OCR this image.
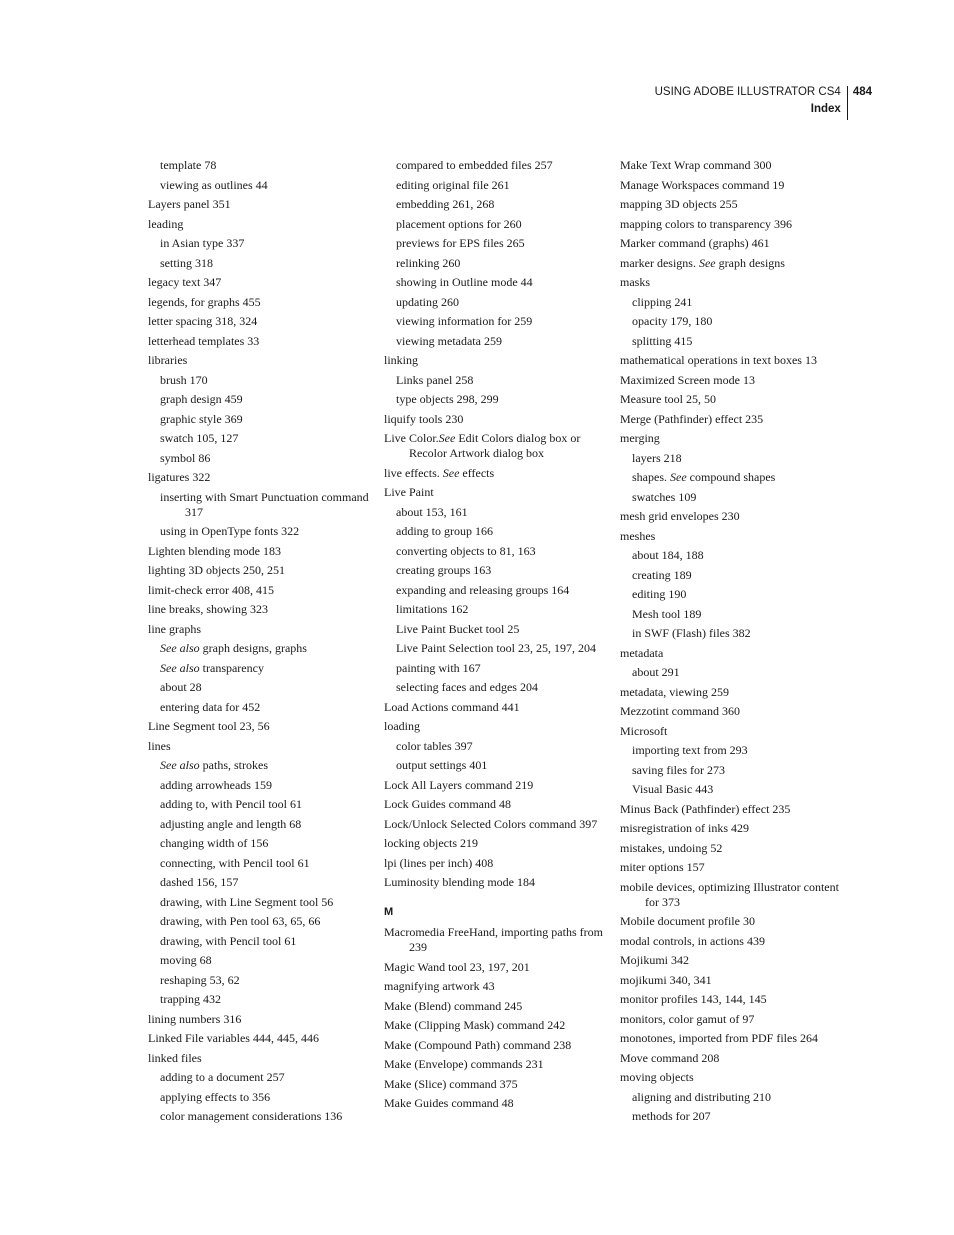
USING ADOBE ILLUSTRATOR CS4
Index
484
template 78
viewing as outlines 44
Layers panel 351
leading
in Asian type 337
setting 318
legacy text 347
legends, for graphs 455
letter spacing 318, 324
letterhead templates 33
libraries
brush 170
graph design 459
graphic style 369
swatch 105, 127
symbol 86
ligatures 322
inserting with Smart Punctuation command 317
using in OpenType fonts 322
Lighten blending mode 183
lighting 3D objects 250, 251
limit-check error 408, 415
line breaks, showing 323
line graphs
See also graph designs, graphs
See also transparency
about 28
entering data for 452
Line Segment tool 23, 56
lines
See also paths, strokes
adding arrowheads 159
adding to, with Pencil tool 61
adjusting angle and length 68
changing width of 156
connecting, with Pencil tool 61
dashed 156, 157
drawing, with Line Segment tool 56
drawing, with Pen tool 63, 65, 66
drawing, with Pencil tool 61
moving 68
reshaping 53, 62
trapping 432
lining numbers 316
Linked File variables 444, 445, 446
linked files
adding to a document 257
applying effects to 356
color management considerations 136
compared to embedded files 257
editing original file 261
embedding 261, 268
placement options for 260
previews for EPS files 265
relinking 260
showing in Outline mode 44
updating 260
viewing information for 259
viewing metadata 259
linking
Links panel 258
type objects 298, 299
liquify tools 230
Live Color.See Edit Colors dialog box or Recolor Artwork dialog box
live effects. See effects
Live Paint
about 153, 161
adding to group 166
converting objects to 81, 163
creating groups 163
expanding and releasing groups 164
limitations 162
Live Paint Bucket tool 25
Live Paint Selection tool 23, 25, 197, 204
painting with 167
selecting faces and edges 204
Load Actions command 441
loading
color tables 397
output settings 401
Lock All Layers command 219
Lock Guides command 48
Lock/Unlock Selected Colors command 397
locking objects 219
lpi (lines per inch) 408
Luminosity blending mode 184
M
Macromedia FreeHand, importing paths from 239
Magic Wand tool 23, 197, 201
magnifying artwork 43
Make (Blend) command 245
Make (Clipping Mask) command 242
Make (Compound Path) command 238
Make (Envelope) commands 231
Make (Slice) command 375
Make Guides command 48
Make Text Wrap command 300
Manage Workspaces command 19
mapping 3D objects 255
mapping colors to transparency 396
Marker command (graphs) 461
marker designs. See graph designs
masks
clipping 241
opacity 179, 180
splitting 415
mathematical operations in text boxes 13
Maximized Screen mode 13
Measure tool 25, 50
Merge (Pathfinder) effect 235
merging
layers 218
shapes. See compound shapes
swatches 109
mesh grid envelopes 230
meshes
about 184, 188
creating 189
editing 190
Mesh tool 189
in SWF (Flash) files 382
metadata
about 291
metadata, viewing 259
Mezzotint command 360
Microsoft
importing text from 293
saving files for 273
Visual Basic 443
Minus Back (Pathfinder) effect 235
misregistration of inks 429
mistakes, undoing 52
miter options 157
mobile devices, optimizing Illustrator content for 373
Mobile document profile 30
modal controls, in actions 439
Mojikumi 342
mojikumi 340, 341
monitor profiles 143, 144, 145
monitors, color gamut of 97
monotones, imported from PDF files 264
Move command 208
moving objects
aligning and distributing 210
methods for 207
